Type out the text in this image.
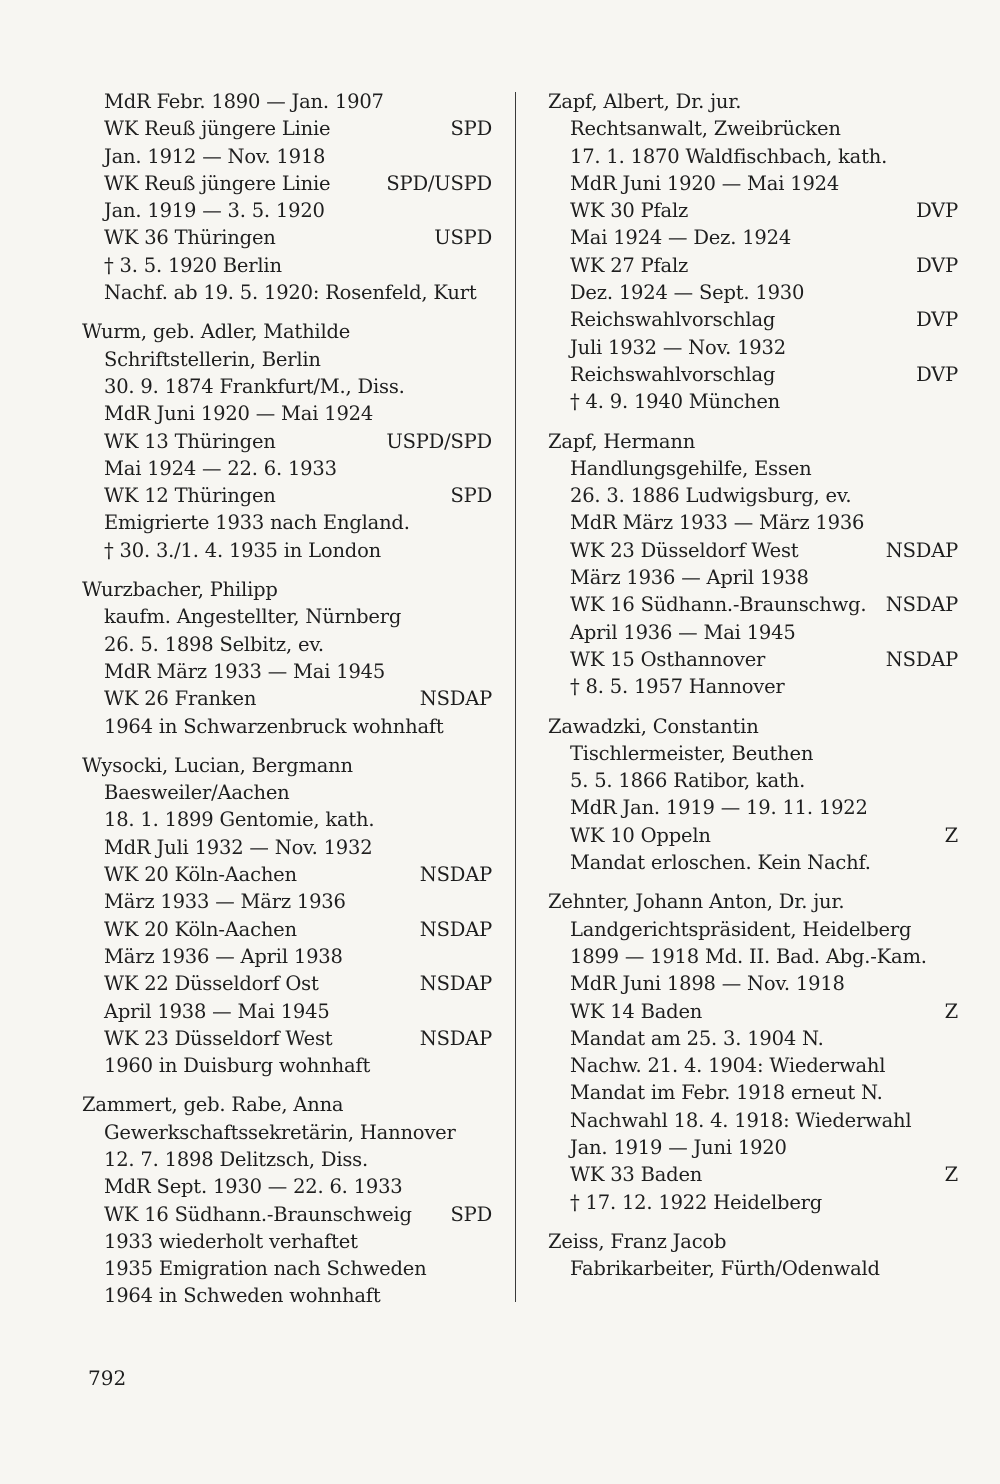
MdR Febr. 1890 — Jan. 1907
WK Reuß jüngere Linie	SPD
Jan. 1912 — Nov. 1918
WK Reuß jüngere Linie	SPD/USPD
Jan. 1919 — 3. 5. 1920
WK 36 Thüringen	USPD
† 3. 5. 1920 Berlin
Nachf. ab 19. 5. 1920: Rosenfeld, Kurt
Wurm, geb. Adler, Mathilde
Schriftstellerin, Berlin
30. 9. 1874 Frankfurt/M., Diss.
MdR Juni 1920 — Mai 1924
WK 13 Thüringen	USPD/SPD
Mai 1924 — 22. 6. 1933
WK 12 Thüringen	SPD
Emigrierte 1933 nach England.
† 30. 3./1. 4. 1935 in London
Wurzbacher, Philipp
kaufm. Angestellter, Nürnberg
26. 5. 1898 Selbitz, ev.
MdR März 1933 — Mai 1945
WK 26 Franken	NSDAP
1964 in Schwarzenbruck wohnhaft
Wysocki, Lucian, Bergmann
Baesweiler/Aachen
18. 1. 1899 Gentomie, kath.
MdR Juli 1932 — Nov. 1932
WK 20 Köln-Aachen	NSDAP
März 1933 — März 1936
WK 20 Köln-Aachen	NSDAP
März 1936 — April 1938
WK 22 Düsseldorf Ost	NSDAP
April 1938 — Mai 1945
WK 23 Düsseldorf West	NSDAP
1960 in Duisburg wohnhaft
Zammert, geb. Rabe, Anna
Gewerkschaftssekretärin, Hannover
12. 7. 1898 Delitzsch, Diss.
MdR Sept. 1930 — 22. 6. 1933
WK 16 Südhann.-Braunschweig SPD
1933 wiederholt verhaftet
1935 Emigration nach Schweden
1964 in Schweden wohnhaft
Zapf, Albert, Dr. jur.
Rechtsanwalt, Zweibrücken
17. 1. 1870 Waldfischbach, kath.
MdR Juni 1920 — Mai 1924
WK 30 Pfalz	DVP
Mai 1924 — Dez. 1924
WK 27 Pfalz	DVP
Dez. 1924 — Sept. 1930
Reichswahlvorschlag	DVP
Juli 1932 — Nov. 1932
Reichswahlvorschlag	DVP
† 4. 9. 1940 München
Zapf, Hermann
Handlungsgehilfe, Essen
26. 3. 1886 Ludwigsburg, ev.
MdR März 1933 — März 1936
WK 23 Düsseldorf West	NSDAP
März 1936 — April 1938
WK 16 Südhann.-Braunschwg. NSDAP
April 1936 — Mai 1945
WK 15 Osthannover	NSDAP
† 8. 5. 1957 Hannover
Zawadzki, Constantin
Tischlermeister, Beuthen
5. 5. 1866 Ratibor, kath.
MdR Jan. 1919 — 19. 11. 1922
WK 10 Oppeln	Z
Mandat erloschen. Kein Nachf.
Zehnter, Johann Anton, Dr. jur.
Landgerichtspräsident, Heidelberg
1899 — 1918 Md. II. Bad. Abg.-Kam.
MdR Juni 1898 — Nov. 1918
WK 14 Baden	Z
Mandat am 25. 3. 1904 N.
Nachw. 21. 4. 1904: Wiederwahl
Mandat im Febr. 1918 erneut N.
Nachwahl 18. 4. 1918: Wiederwahl
Jan. 1919 — Juni 1920
WK 33 Baden	Z
† 17. 12. 1922 Heidelberg
Zeiss, Franz Jacob
Fabrikarbeiter, Fürth/Odenwald
792
